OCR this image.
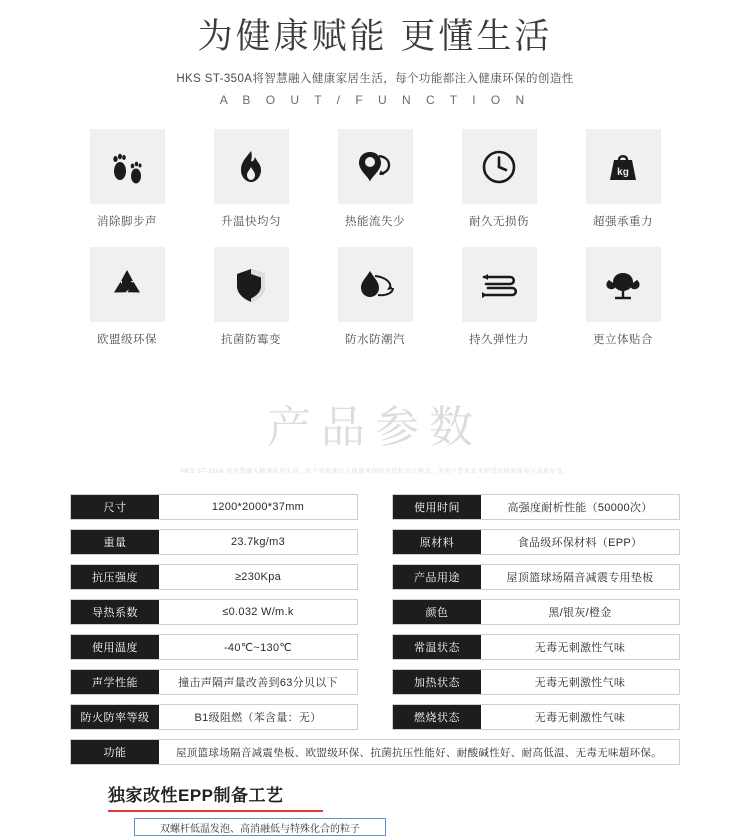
为健康赋能 更懂生活
HKS ST-350A将智慧融入健康家居生活，每个功能都注入健康环保的创造性
A B O U T / F U N C T I O N
消除脚步声	升温快均匀	热能流失少	耐久无损伤
kg
超强承重力
欧盟级环保	抗菌防霉变	防水防潮汽	持久弹性力	更立体贴合
产品参数
HKS ST-350A 将智慧融入健康家居生活，每个功能都注入健康环保的创造性设计理念，为用户带来安全舒适的居家体验与品质享受。
尺寸	1200*2000*37mm	使用时间	高强度耐析性能（50000次）
重量	23.7kg/m3	原材料	食品级环保材料（EPP）
抗压强度	≥230Kpa	产品用途	屋顶篮球场隔音减震专用垫板
导热系数	≤0.032 W/m.k	颜色	黑/银灰/橙金
使用温度	-40℃~130℃	常温状态	无毒无刺激性气味
声学性能	撞击声隔声量改善到63分贝以下	加热状态	无毒无刺激性气味
防火防率等级	B1级阻燃（苯含量：无）	燃烧状态	无毒无刺激性气味
功能	屋顶篮球场隔音减震垫板、欧盟级环保、抗菌抗压性能好、耐酸碱性好、耐高低温、无毒无味超环保。
独家改性EPP制备工艺
双螺杆低温发泡、高消融低与特殊化合的粒子
